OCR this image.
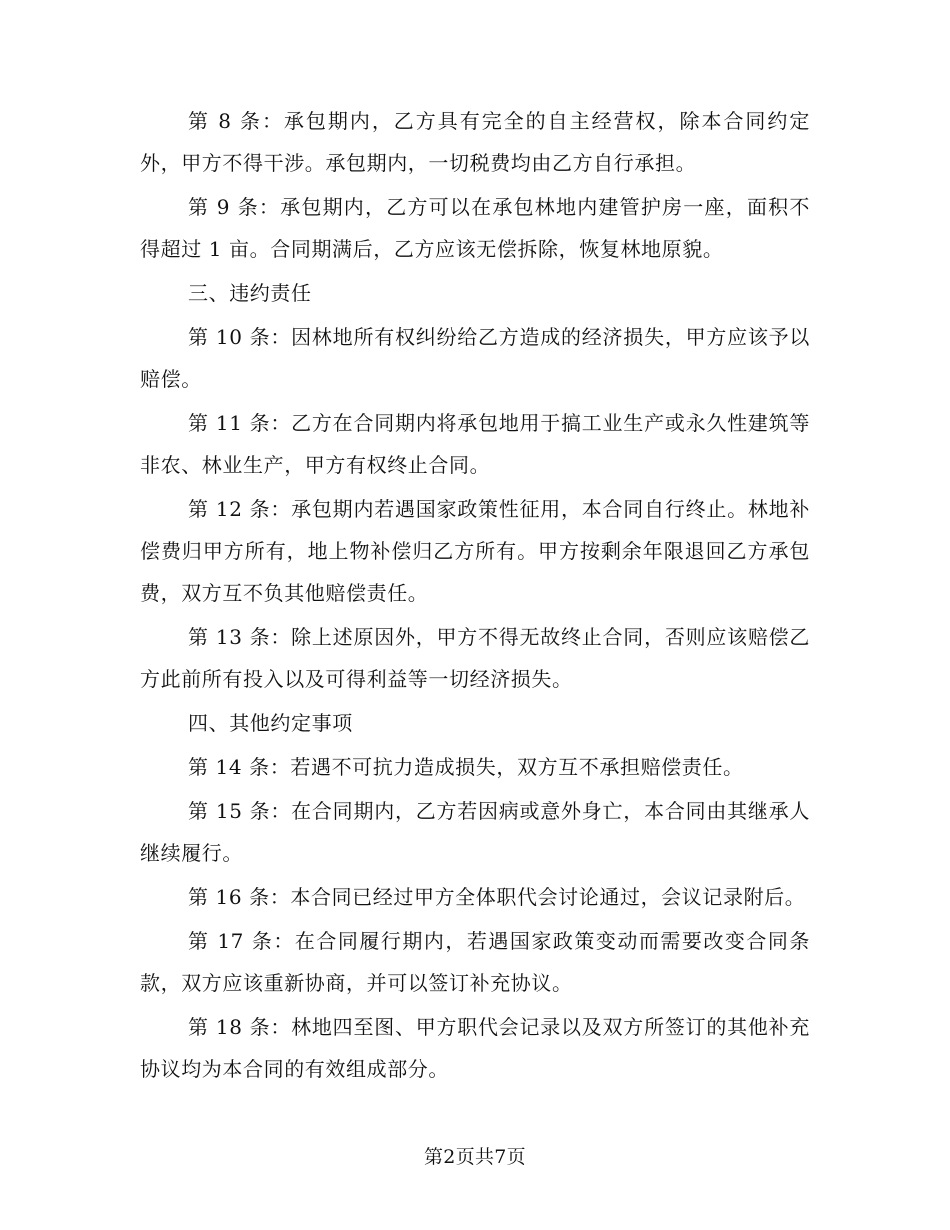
第 8 条：承包期内，乙方具有完全的自主经营权，除本合同约定外，甲方不得干涉。承包期内，一切税费均由乙方自行承担。

第 9 条：承包期内，乙方可以在承包林地内建管护房一座，面积不得超过 1 亩。合同期满后，乙方应该无偿拆除，恢复林地原貌。

三、违约责任

第 10 条：因林地所有权纠纷给乙方造成的经济损失，甲方应该予以赔偿。

第 11 条：乙方在合同期内将承包地用于搞工业生产或永久性建筑等非农、林业生产，甲方有权终止合同。

第 12 条：承包期内若遇国家政策性征用，本合同自行终止。林地补偿费归甲方所有，地上物补偿归乙方所有。甲方按剩余年限退回乙方承包费，双方互不负其他赔偿责任。

第 13 条：除上述原因外，甲方不得无故终止合同，否则应该赔偿乙方此前所有投入以及可得利益等一切经济损失。

四、其他约定事项

第 14 条：若遇不可抗力造成损失，双方互不承担赔偿责任。

第 15 条：在合同期内，乙方若因病或意外身亡，本合同由其继承人继续履行。

第 16 条：本合同已经过甲方全体职代会讨论通过，会议记录附后。

第 17 条：在合同履行期内，若遇国家政策变动而需要改变合同条款，双方应该重新协商，并可以签订补充协议。

第 18 条：林地四至图、甲方职代会记录以及双方所签订的其他补充协议均为本合同的有效组成部分。

第2页共7页
